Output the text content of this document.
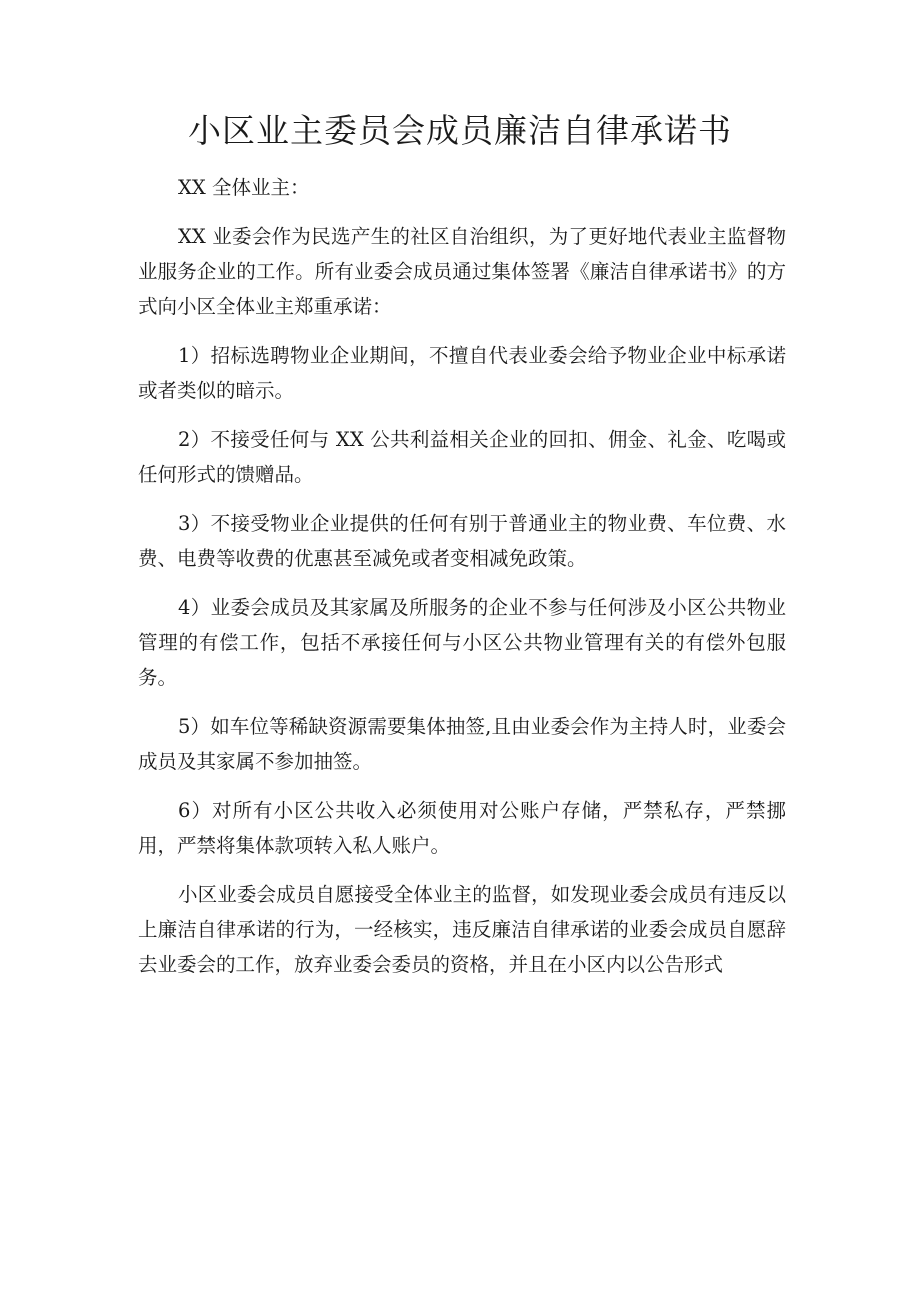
小区业主委员会成员廉洁自律承诺书

XX 全体业主：

XX 业委会作为民选产生的社区自治组织，为了更好地代表业主监督物业服务企业的工作。所有业委会成员通过集体签署《廉洁自律承诺书》的方式向小区全体业主郑重承诺：

1）招标选聘物业企业期间，不擅自代表业委会给予物业企业中标承诺或者类似的暗示。

2）不接受任何与 XX 公共利益相关企业的回扣、佣金、礼金、吃喝或任何形式的馈赠品。

3）不接受物业企业提供的任何有别于普通业主的物业费、车位费、水费、电费等收费的优惠甚至减免或者变相减免政策。

4）业委会成员及其家属及所服务的企业不参与任何涉及小区公共物业管理的有偿工作，包括不承接任何与小区公共物业管理有关的有偿外包服务。

5）如车位等稀缺资源需要集体抽签,且由业委会作为主持人时，业委会成员及其家属不参加抽签。

6）对所有小区公共收入必须使用对公账户存储，严禁私存，严禁挪用，严禁将集体款项转入私人账户。

小区业委会成员自愿接受全体业主的监督，如发现业委会成员有违反以上廉洁自律承诺的行为，一经核实，违反廉洁自律承诺的业委会成员自愿辞去业委会的工作，放弃业委会委员的资格，并且在小区内以公告形式
